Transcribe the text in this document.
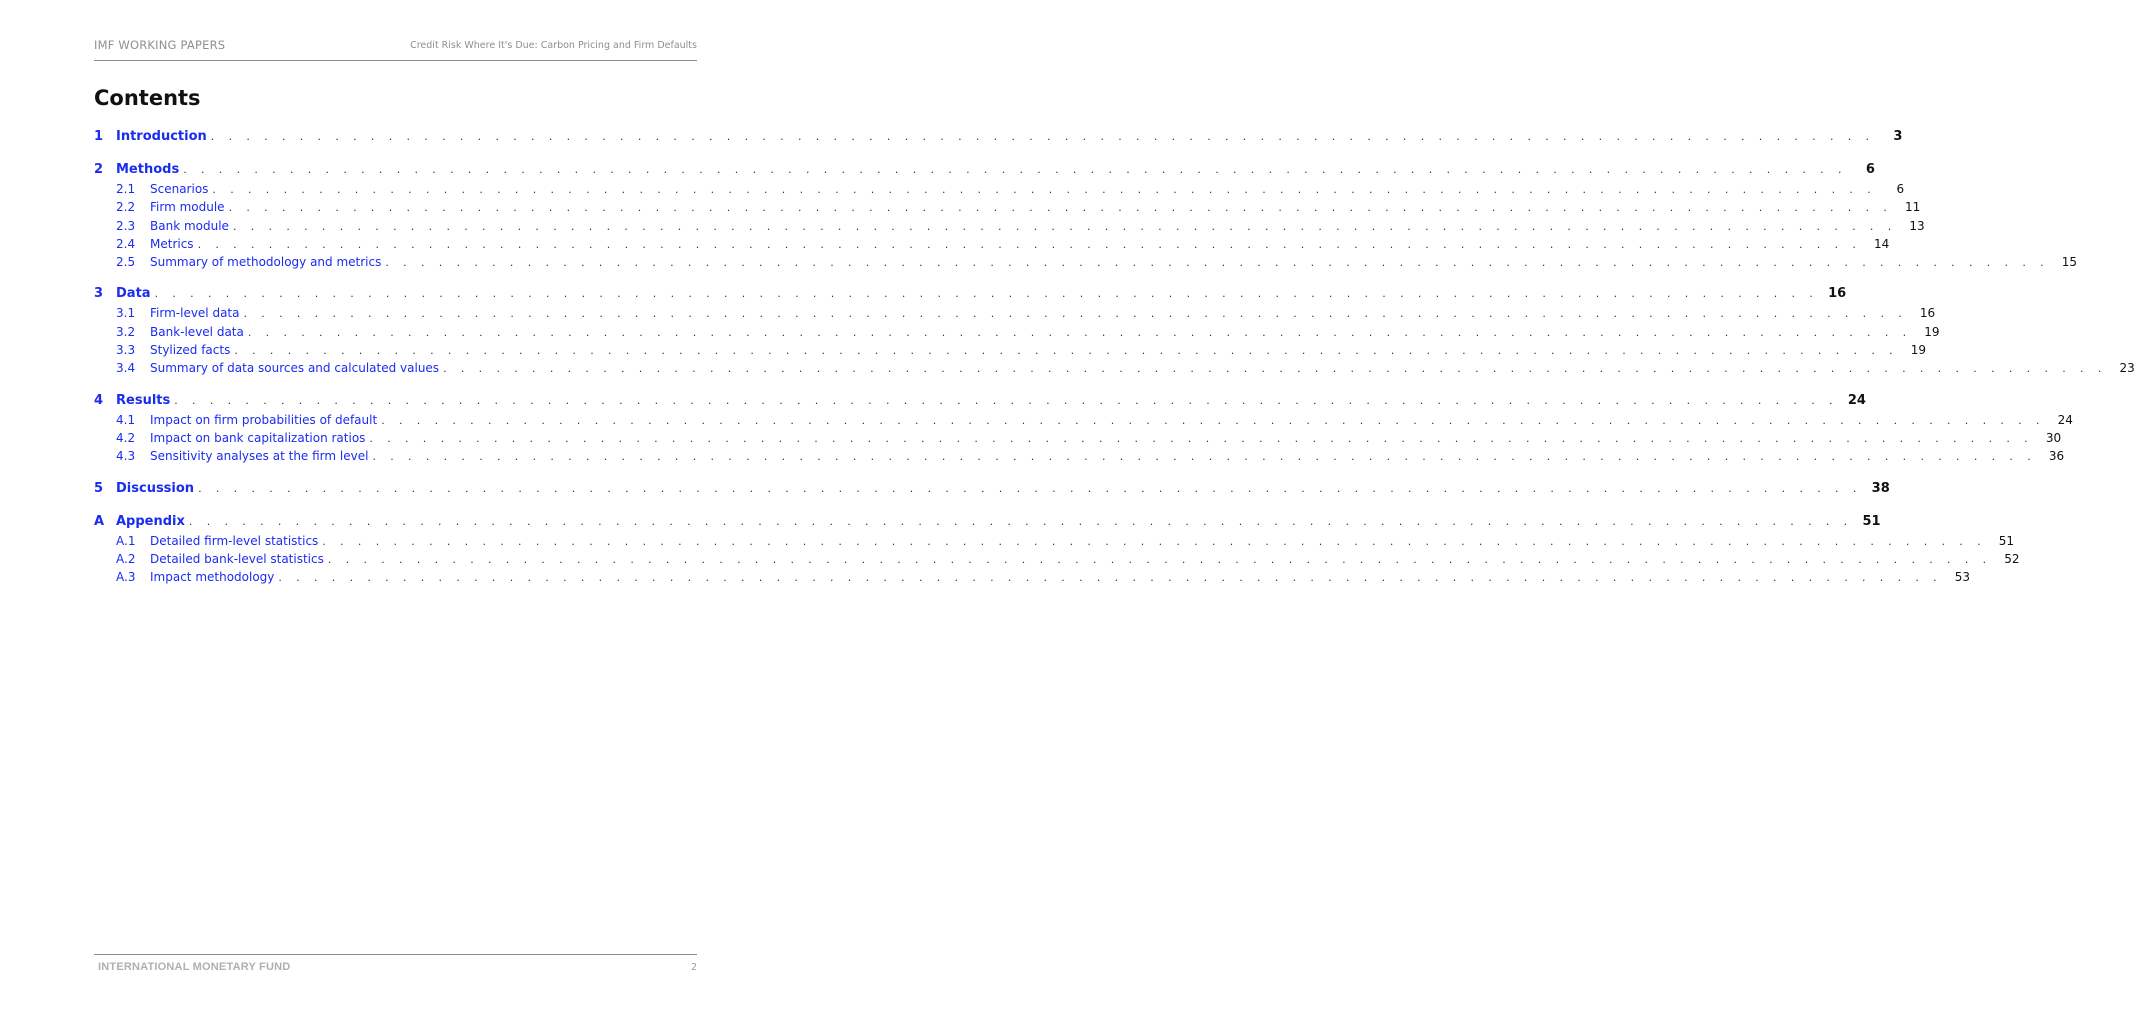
IMF WORKING PAPERS	Credit Risk Where It's Due: Carbon Pricing and Firm Defaults
Contents
1 Introduction . . . . . . . . . . . . . . . . . . . . . . . . . . . . . . . . . . . . . . . . . . . . . . . . . . . . . . . . . . . . . . . . . . . . . . . . . . . . . . . . . . . . . . . . . . . . . .	3
2 Methods . . . . . . . . . . . . . . . . . . . . . . . . . . . . . . . . . . . . . . . . . . . . . . . . . . . . . . . . . . . . . . . . . . . . . . . . . . . . . . . . . . . . . . . . . . . . . .	6
2.1	Scenarios . . . . . . . . . . . . . . . . . . . . . . . . . . . . . . . . . . . . . . . . . . . . . . . . . . . . . . . . . . . . . . . . . . . . . . . . . . . . . . . . . . . . . . . . . . . . . .	6
2.2	Firm module . . . . . . . . . . . . . . . . . . . . . . . . . . . . . . . . . . . . . . . . . . . . . . . . . . . . . . . . . . . . . . . . . . . . . . . . . . . . . . . . . . . . . . . . . . . . . .	11
2.3	Bank module . . . . . . . . . . . . . . . . . . . . . . . . . . . . . . . . . . . . . . . . . . . . . . . . . . . . . . . . . . . . . . . . . . . . . . . . . . . . . . . . . . . . . . . . . . . . . .	13
2.4	Metrics . . . . . . . . . . . . . . . . . . . . . . . . . . . . . . . . . . . . . . . . . . . . . . . . . . . . . . . . . . . . . . . . . . . . . . . . . . . . . . . . . . . . . . . . . . . . . .	14
2.5	Summary of methodology and metrics . . . . . . . . . . . . . . . . . . . . . . . . . . . . . . . . . . . . . . . . . . . . . . . . . . . . . . . . . . . . . . . . . . . . . . . . . . . . . . . . . . . . . . . . . . . . . .	15
3 Data . . . . . . . . . . . . . . . . . . . . . . . . . . . . . . . . . . . . . . . . . . . . . . . . . . . . . . . . . . . . . . . . . . . . . . . . . . . . . . . . . . . . . . . . . . . . . . 16
3.1	Firm-level data . . . . . . . . . . . . . . . . . . . . . . . . . . . . . . . . . . . . . . . . . . . . . . . . . . . . . . . . . . . . . . . . . . . . . . . . . . . . . . . . . . . . . . . . . . . . . .	16
3.2	Bank-level data . . . . . . . . . . . . . . . . . . . . . . . . . . . . . . . . . . . . . . . . . . . . . . . . . . . . . . . . . . . . . . . . . . . . . . . . . . . . . . . . . . . . . . . . . . . . . .	19
3.3	Stylized facts . . . . . . . . . . . . . . . . . . . . . . . . . . . . . . . . . . . . . . . . . . . . . . . . . . . . . . . . . . . . . . . . . . . . . . . . . . . . . . . . . . . . . . . . . . . . . .	19
3.4	Summary of data sources and calculated values . . . . . . . . . . . . . . . . . . . . . . . . . . . . . . . . . . . . . . . . . . . . . . . . . . . . . . . . . . . . . . . . . . . . . . . . . . . . . . . . . . . . . . . . . . . . . .	23
4 Results . . . . . . . . . . . . . . . . . . . . . . . . . . . . . . . . . . . . . . . . . . . . . . . . . . . . . . . . . . . . . . . . . . . . . . . . . . . . . . . . . . . . . . . . . . . . . . 24
4.1	Impact on firm probabilities of default . . . . . . . . . . . . . . . . . . . . . . . . . . . . . . . . . . . . . . . . . . . . . . . . . . . . . . . . . . . . . . . . . . . . . . . . . . . . . . . . . . . . . . . . . . . . . .	24
4.2	Impact on bank capitalization ratios . . . . . . . . . . . . . . . . . . . . . . . . . . . . . . . . . . . . . . . . . . . . . . . . . . . . . . . . . . . . . . . . . . . . . . . . . . . . . . . . . . . . . . . . . . . . . .	30
4.3	Sensitivity analyses at the firm level . . . . . . . . . . . . . . . . . . . . . . . . . . . . . . . . . . . . . . . . . . . . . . . . . . . . . . . . . . . . . . . . . . . . . . . . . . . . . . . . . . . . . . . . . . . . . .	36
5 Discussion . . . . . . . . . . . . . . . . . . . . . . . . . . . . . . . . . . . . . . . . . . . . . . . . . . . . . . . . . . . . . . . . . . . . . . . . . . . . . . . . . . . . . . . . . . . . . . 38
A Appendix . . . . . . . . . . . . . . . . . . . . . . . . . . . . . . . . . . . . . . . . . . . . . . . . . . . . . . . . . . . . . . . . . . . . . . . . . . . . . . . . . . . . . . . . . . . . . . 51
A.1	Detailed firm-level statistics . . . . . . . . . . . . . . . . . . . . . . . . . . . . . . . . . . . . . . . . . . . . . . . . . . . . . . . . . . . . . . . . . . . . . . . . . . . . . . . . . . . . . . . . . . . . . .	51
A.2	Detailed bank-level statistics . . . . . . . . . . . . . . . . . . . . . . . . . . . . . . . . . . . . . . . . . . . . . . . . . . . . . . . . . . . . . . . . . . . . . . . . . . . . . . . . . . . . . . . . . . . . . .	52
A.3	Impact methodology . . . . . . . . . . . . . . . . . . . . . . . . . . . . . . . . . . . . . . . . . . . . . . . . . . . . . . . . . . . . . . . . . . . . . . . . . . . . . . . . . . . . . . . . . . . . . .	53
INTERNATIONAL MONETARY FUND	2
